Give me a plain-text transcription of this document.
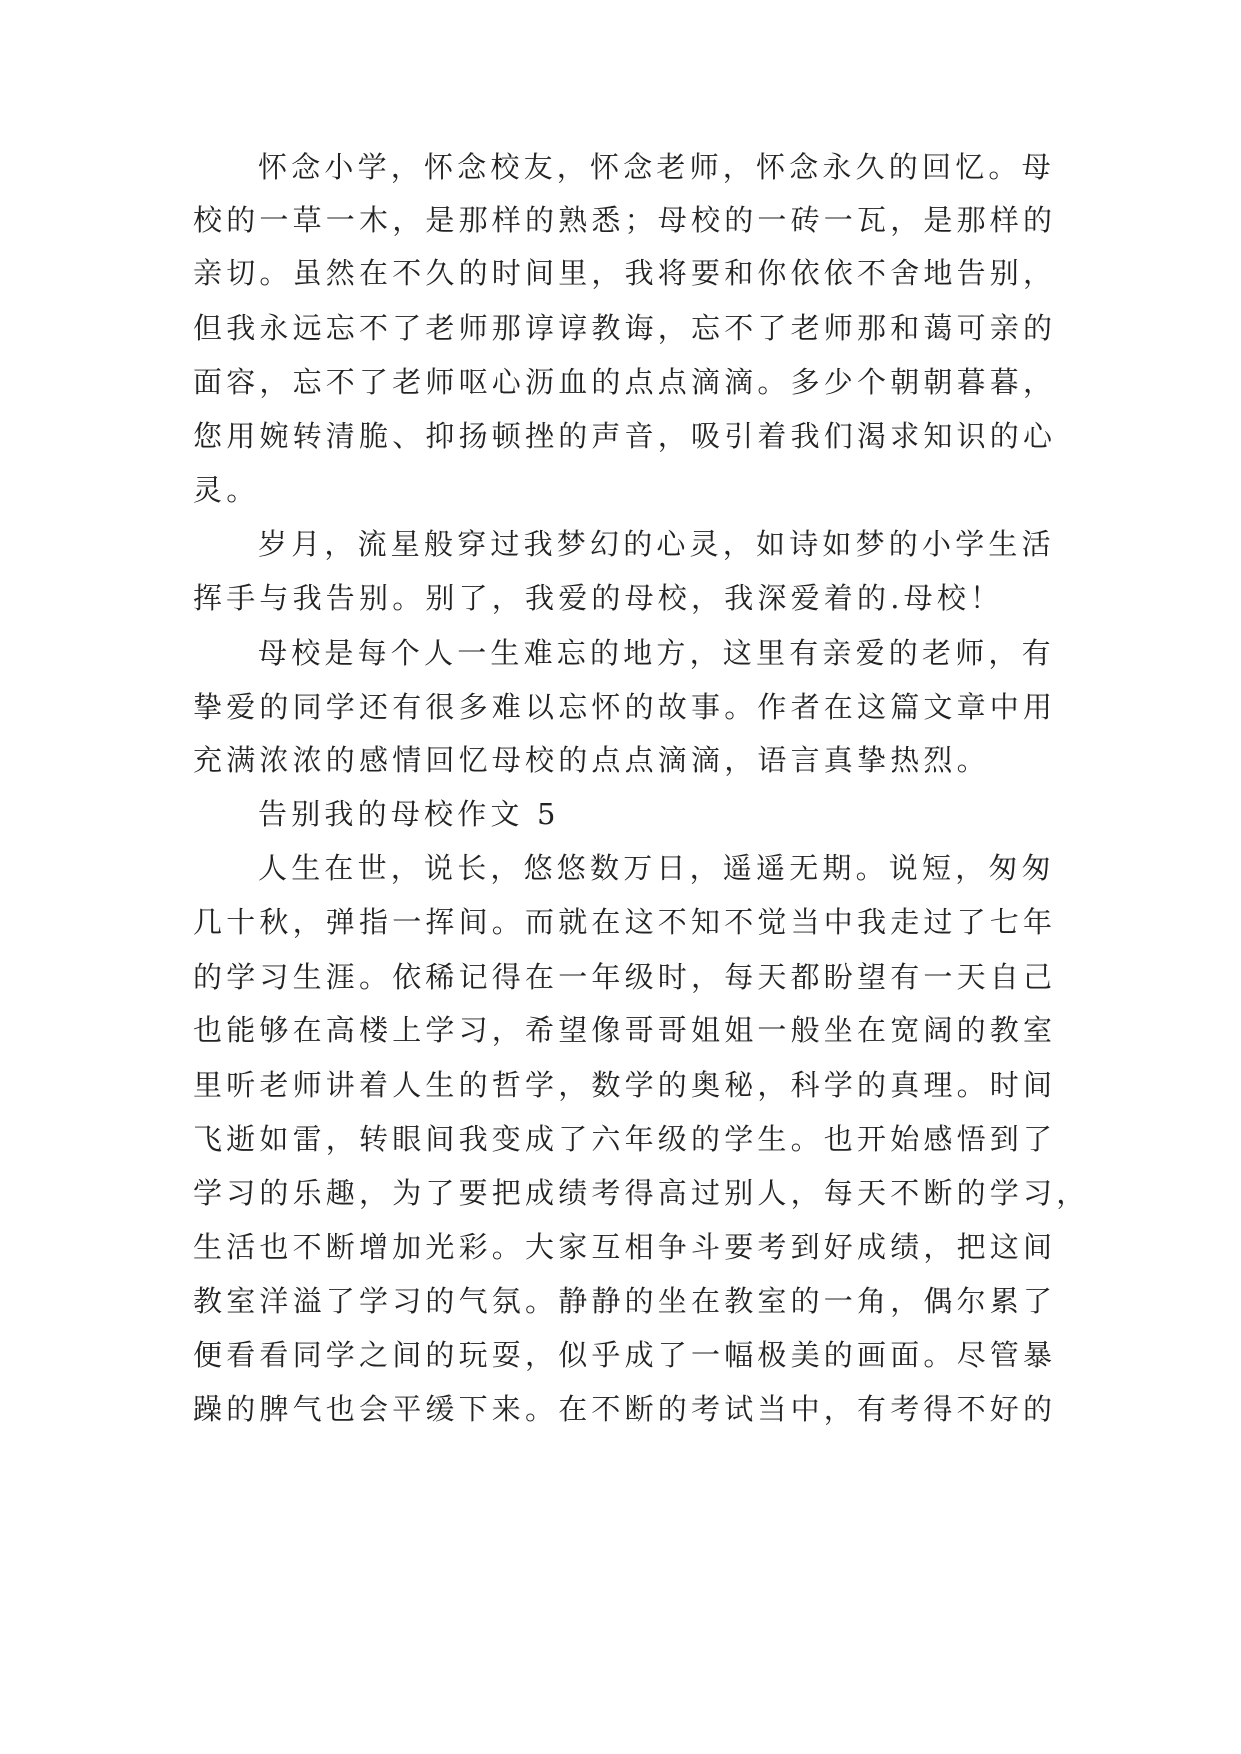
怀念小学，怀念校友，怀念老师，怀念永久的回忆。母
校的一草一木，是那样的熟悉；母校的一砖一瓦，是那样的
亲切。虽然在不久的时间里，我将要和你依依不舍地告别，
但我永远忘不了老师那谆谆教诲，忘不了老师那和蔼可亲的
面容，忘不了老师呕心沥血的点点滴滴。多少个朝朝暮暮，
您用婉转清脆、抑扬顿挫的声音，吸引着我们渴求知识的心
灵。
岁月，流星般穿过我梦幻的心灵，如诗如梦的小学生活
挥手与我告别。别了，我爱的母校，我深爱着的.母校！
母校是每个人一生难忘的地方，这里有亲爱的老师，有
挚爱的同学还有很多难以忘怀的故事。作者在这篇文章中用
充满浓浓的感情回忆母校的点点滴滴，语言真挚热烈。
告别我的母校作文 5
人生在世，说长，悠悠数万日，遥遥无期。说短，匆匆
几十秋，弹指一挥间。而就在这不知不觉当中我走过了七年
的学习生涯。依稀记得在一年级时，每天都盼望有一天自己
也能够在高楼上学习，希望像哥哥姐姐一般坐在宽阔的教室
里听老师讲着人生的哲学，数学的奥秘，科学的真理。时间
飞逝如雷，转眼间我变成了六年级的学生。也开始感悟到了
学习的乐趣，为了要把成绩考得高过别人，每天不断的学习，
生活也不断增加光彩。大家互相争斗要考到好成绩，把这间
教室洋溢了学习的气氛。静静的坐在教室的一角，偶尔累了
便看看同学之间的玩耍，似乎成了一幅极美的画面。尽管暴
躁的脾气也会平缓下来。在不断的考试当中，有考得不好的
